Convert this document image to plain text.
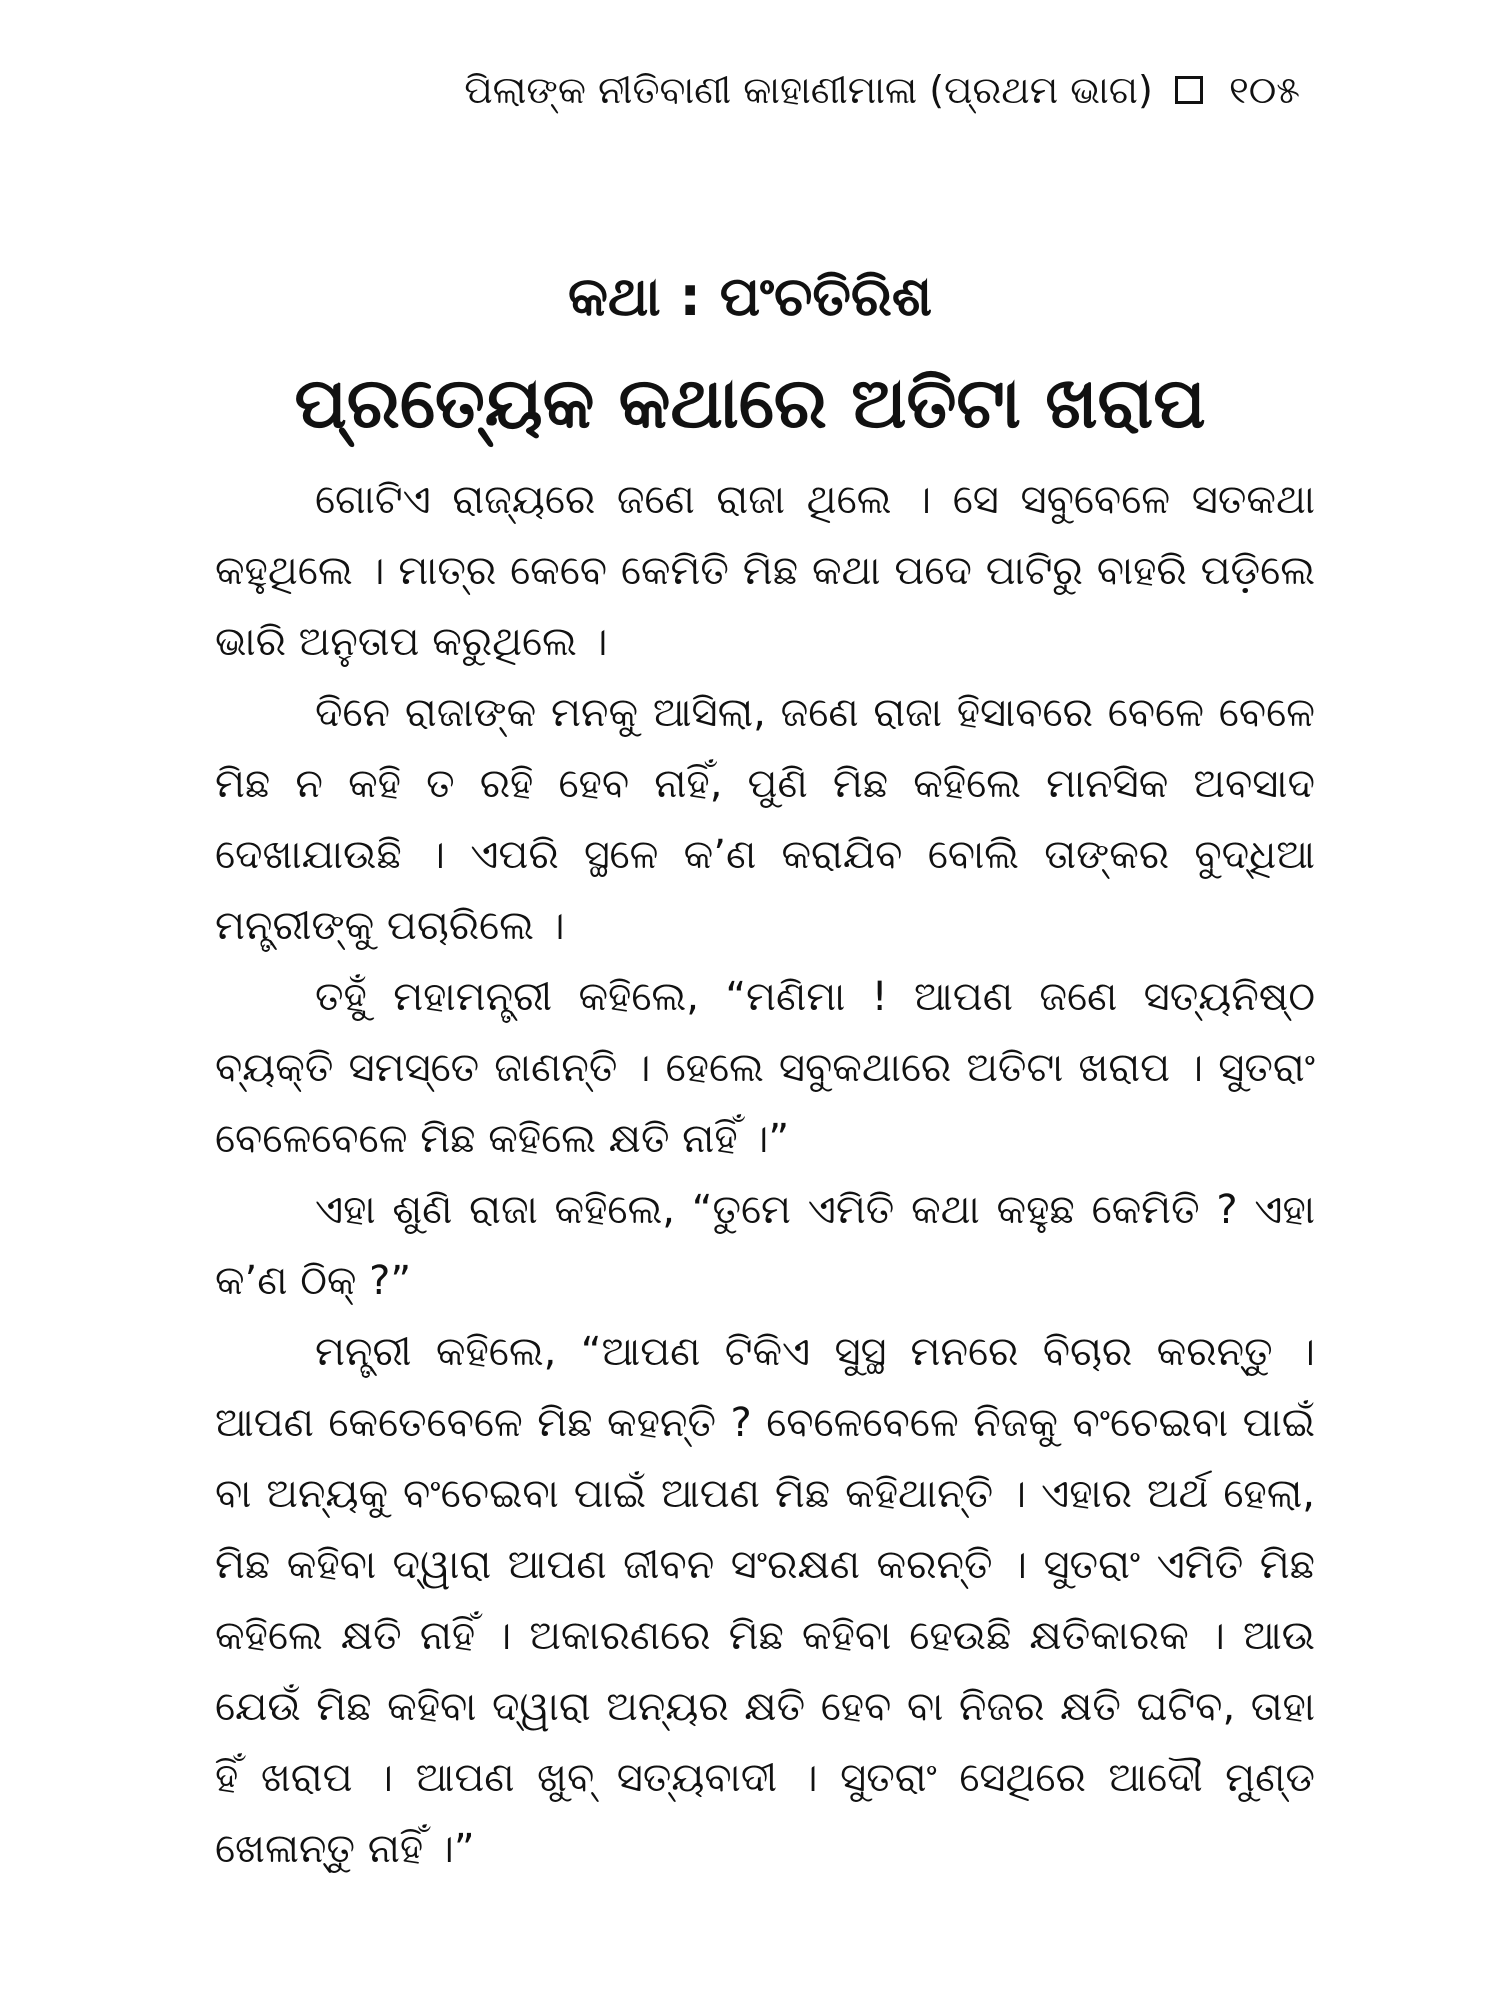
ପିଲାଙ୍କ ନୀତିବାଣୀ କାହାଣୀମାଳା (ପ୍ରଥମ ଭାଗ) ୧୦୫
କଥା : ପଂଚତିରିଶ
ପ୍ରତ୍ୟେକ କଥାରେ ଅତିଟା ଖରାପ

ଗୋଟିଏ ରାଜ୍ୟରେ ଜଣେ ରାଜା ଥିଲେ । ସେ ସବୁବେଳେ ସତକଥା କହୁଥିଲେ । ମାତ୍ର କେବେ କେମିତି ମିଛ କଥା ପଦେ ପାଟିରୁ ବାହରି ପଡ଼ିଲେ ଭାରି ଅନୁତାପ କରୁଥିଲେ ।

ଦିନେ ରାଜାଙ୍କ ମନକୁ ଆସିଲା, ଜଣେ ରାଜା ହିସାବରେ ବେଳେ ବେଳେ ମିଛ ନ କହି ତ ରହି ହେବ ନାହିଁ, ପୁଣି ମିଛ କହିଲେ ମାନସିକ ଅବସାଦ ଦେଖାଯାଉଛି । ଏପରି ସ୍ଥଳେ କ’ଣ କରାଯିବ ବୋଲି ତାଙ୍କର ବୁଦ୍ଧିଆ ମନ୍ତ୍ରୀଙ୍କୁ ପଚାରିଲେ ।

ତହୁଁ ମହାମନ୍ତ୍ରୀ କହିଲେ, “ମଣିମା ! ଆପଣ ଜଣେ ସତ୍ୟନିଷ୍ଠ ବ୍ୟକ୍ତି ସମସ୍ତେ ଜାଣନ୍ତି । ହେଲେ ସବୁକଥାରେ ଅତିଟା ଖରାପ । ସୁତରାଂ ବେଳେବେଳେ ମିଛ କହିଲେ କ୍ଷତି ନାହିଁ ।”

ଏହା ଶୁଣି ରାଜା କହିଲେ, “ତୁମେ ଏମିତି କଥା କହୁଛ କେମିତି ? ଏହା କ’ଣ ଠିକ୍ ?”

ମନ୍ତ୍ରୀ କହିଲେ, “ଆପଣ ଟିକିଏ ସୁସ୍ଥ ମନରେ ବିଚାର କରନ୍ତୁ । ଆପଣ କେତେବେଳେ ମିଛ କହନ୍ତି ? ବେଳେବେଳେ ନିଜକୁ ବଂଚେଇବା ପାଇଁ ବା ଅନ୍ୟକୁ ବଂଚେଇବା ପାଇଁ ଆପଣ ମିଛ କହିଥାନ୍ତି । ଏହାର ଅର୍ଥ ହେଲା, ମିଛ କହିବା ଦ୍ୱାରା ଆପଣ ଜୀବନ ସଂରକ୍ଷଣ କରନ୍ତି । ସୁତରାଂ ଏମିତି ମିଛ କହିଲେ କ୍ଷତି ନାହିଁ । ଅକାରଣରେ ମିଛ କହିବା ହେଉଛି କ୍ଷତିକାରକ । ଆଉ ଯେଉଁ ମିଛ କହିବା ଦ୍ୱାରା ଅନ୍ୟର କ୍ଷତି ହେବ ବା ନିଜର କ୍ଷତି ଘଟିବ, ତାହା ହିଁ ଖରାପ । ଆପଣ ଖୁବ୍ ସତ୍ୟବାଦୀ । ସୁତରାଂ ସେଥିରେ ଆଦୌ ମୁଣ୍ଡ ଖେଳାନ୍ତୁ ନାହିଁ ।”
